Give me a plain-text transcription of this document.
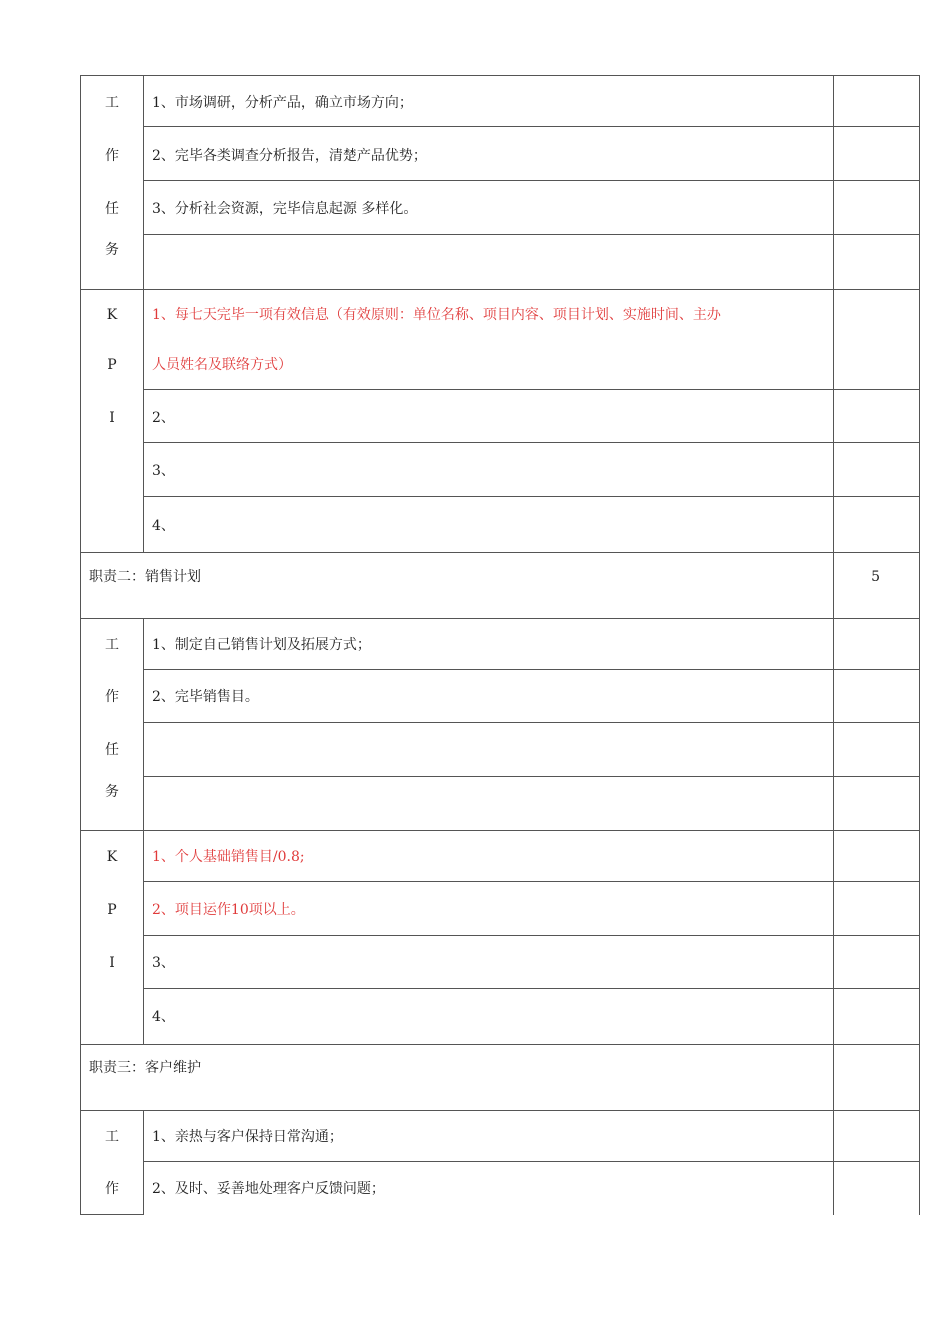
工
作
任
务
1、市场调研，分析产品，确立市场方向；
2、完毕各类调查分析报告，清楚产品优势；
3、分析社会资源，完毕信息起源 多样化。
K
P
I
1、每七天完毕一项有效信息（有效原则：单位名称、项目内容、项目计划、实施时间、主办
人员姓名及联络方式）
2、
3、
4、
职责二：销售计划	5
工
作
任
务
1、制定自己销售计划及拓展方式；
2、完毕销售目。
K
P
I
1、个人基础销售目/0.8;
2、项目运作10项以上。
3、
4、
职责三：客户维护
工
作
1、亲热与客户保持日常沟通；
2、及时、妥善地处理客户反馈问题；
